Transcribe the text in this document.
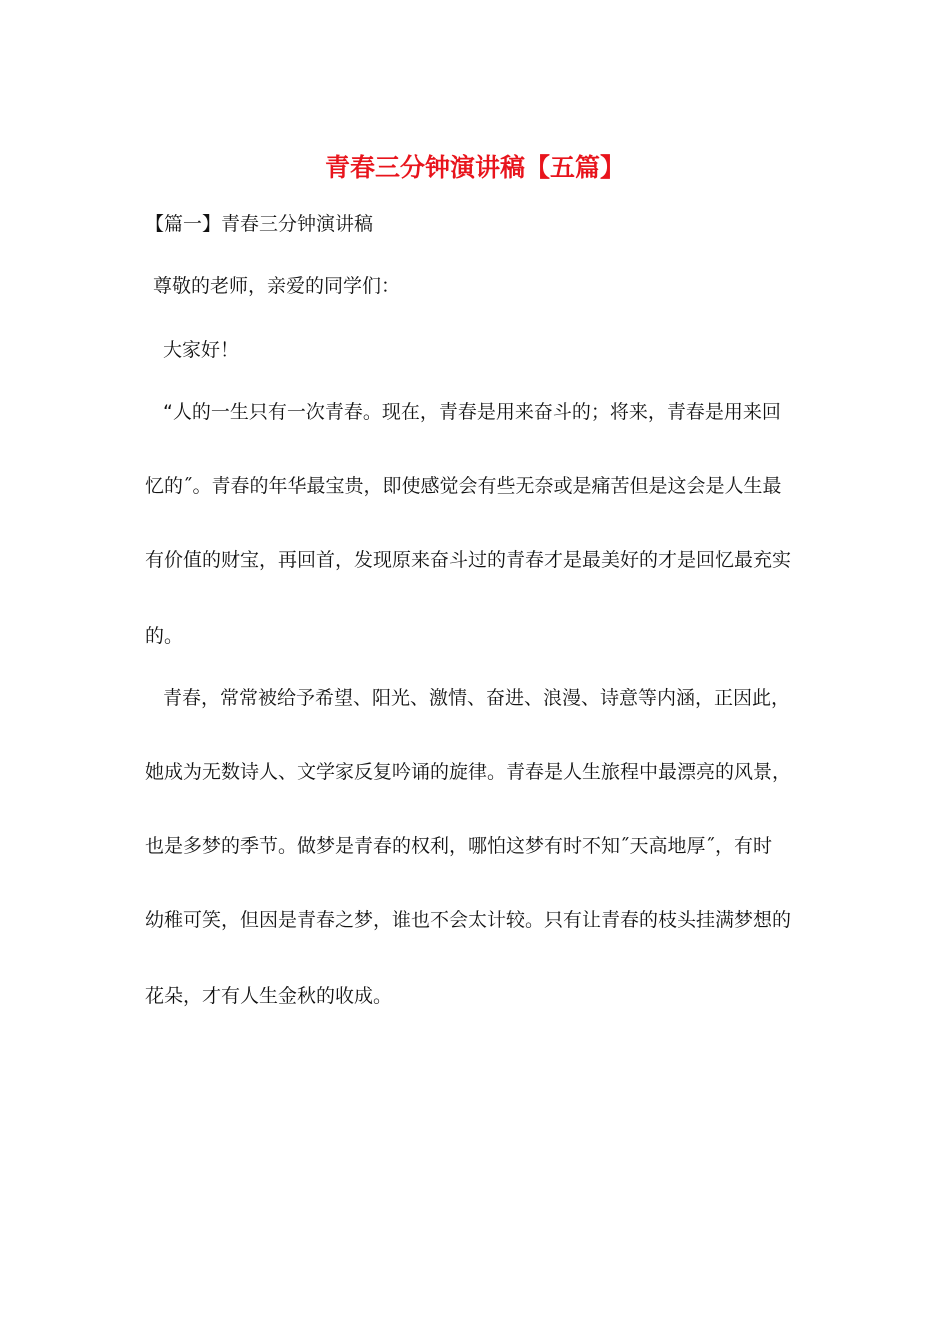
青春三分钟演讲稿【五篇】
【篇一】青春三分钟演讲稿

尊敬的老师，亲爱的同学们：

大家好！

“人的一生只有一次青春。现在，青春是用来奋斗的；将来，青春是用来回

忆的˝。青春的年华最宝贵，即使感觉会有些无奈或是痛苦但是这会是人生最

有价值的财宝，再回首，发现原来奋斗过的青春才是最美好的才是回忆最充实

的。

青春，常常被给予希望、阳光、激情、奋进、浪漫、诗意等内涵，正因此，

她成为无数诗人、文学家反复吟诵的旋律。青春是人生旅程中最漂亮的风景，

也是多梦的季节。做梦是青春的权利，哪怕这梦有时不知˝天高地厚˝，有时

幼稚可笑，但因是青春之梦，谁也不会太计较。只有让青春的枝头挂满梦想的

花朵，才有人生金秋的收成。
